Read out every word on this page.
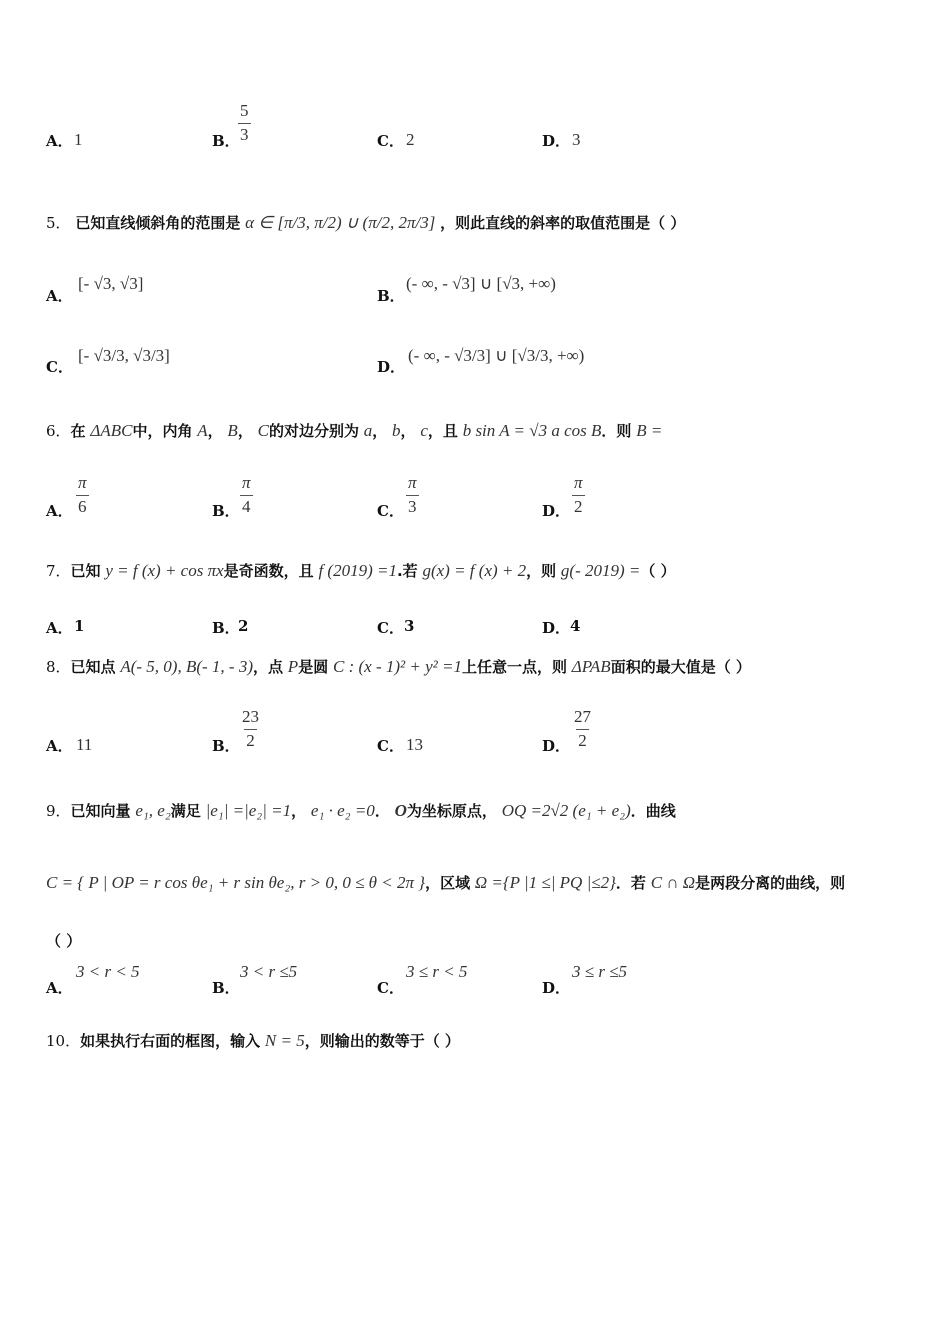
A． 1	B．
$\frac{5}{3}$	C． 2	D． 3
5． 已知直线倾斜角的范围是 α ∈ [π/3, π/2) ∪ (π/2, 2π/3] ，则此直线的斜率的取值范围是（ ）
A．
[- √3, √3]
B．
(- ∞, - √3] ∪ [√3, +∞)
C．
[- √3/3, √3/3]
D．
(- ∞, - √3/3] ∪ [√3/3, +∞)
6．在 ΔABC中，内角 A， B， C的对边分别为 a， b， c，且 b sin A = √3 a cos B．则 B =
A． $\frac{\pi}{6}$	B． $\frac{\pi}{4}$	C． $\frac{\pi}{3}$	D． $\frac{\pi}{2}$
7．已知 y = f (x) + cos πx是奇函数，且 f (2019) =1.若 g(x) = f (x) + 2，则 g(- 2019) =（ ）
A． 1	B．
2	C． 3	D． 4
8．已知点 A(- 5, 0), B(- 1, - 3)，点 P是圆 C : (x - 1)² + y² =1上任意一点，则 ΔPAB面积的最大值是（ ）
A． 11	B． $\frac{23}{2}$	C． 13	D． $\frac{27}{2}$
9．已知向量 e₁, e₂满足 |e₁| =|e₂| =1， e₁ · e₂ =0． O为坐标原点， OQ =2√2 (e₁ + e₂)．曲线
C = { P | OP = r cos θe₁ + r sin θe₂, r > 0, 0 ≤ θ < 2π }，区域 Ω ={P |1 ≤| PQ |≤2}．若 C ∩ Ω是两段分离的曲线，则
（ ）
A．
3 < r < 5
B．
3 < r ≤5
C．
3 ≤ r < 5
D．
3 ≤ r ≤5
10．如果执行右面的框图，输入 N = 5，则输出的数等于（ ）
